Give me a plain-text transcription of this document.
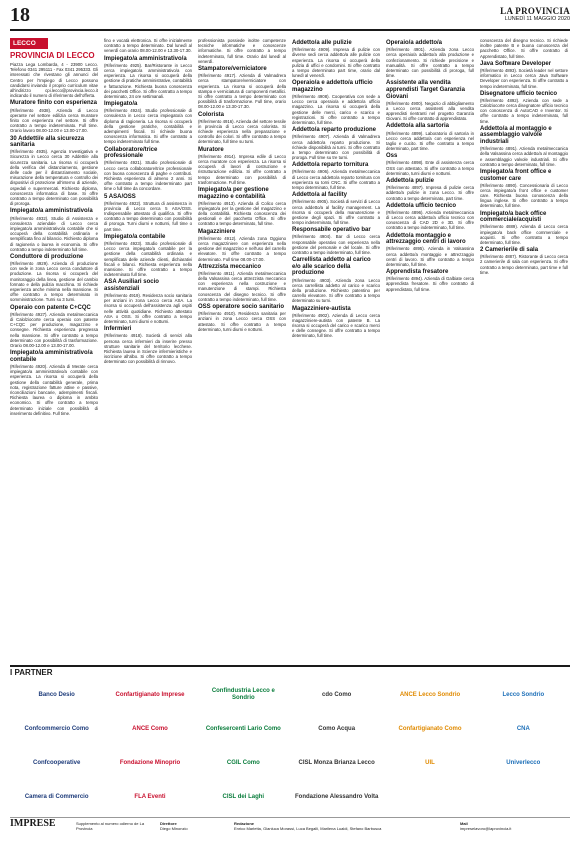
18	LA PROVINCIA
LUNEDÌ 11 MAGGIO 2020
LECCO
PROVINCIA DI LECCO

Piazza Lega Lombarda, 4 - 23900 Lecco. Telefono 0341 295111 - Fax 0341 295333. Gli interessati che rivestano gli annunci del Centro per l'Impiego di Lecco possono candidarsi inviando il proprio curriculum vitae all'indirizzo cpi.lecco@provincia.lecco.it indicando il numero di riferimento dell'offerta.

Muratore finito con esperienza

(Riferimento 4938). Azienda di Lecco operante nel settore edilizia cerca muratore finito con esperienza nel settore. Si offre contratto a tempo indeterminato. Full time. Orario lavoro 08.00-12.00 e 13.00-17.00.

30 Addetti/e alla sicurezza sanitaria

(Riferimento 4935). Agenzia Investigativa e Sicurezza in Lecco cerca 30 Addetti/e alla sicurezza sanitaria. La risorsa si occuperà della verifica del distanziamento, gestione delle code per il distanziamento sociale, misurazione della temperatura e controllo dei dispositivi di protezione all'interno di aziende, ospedali e supermercati. Richiesto diploma, conoscenza informatica di base. Si offre contratto a tempo determinato con possibilità di proroga.

Impiegato/a amministrativo/a

(Riferimento 4932). Studio di Assistenza e consulenza aziendale di Lecco cerca impiegato/a amministrativo/a contabile che si occuperà della contabilità ordinaria e semplificata fino al bilancio. Richiesto diploma di ragioneria o laurea in economia. Si offre contratto a tempo indeterminato full time.

Conduttore di produzione

(Riferimento 4929). Azienda di produzione con sede in zona Lecco cerca conduttore di produzione. La risorsa si occuperà del monitoraggio della linea, gestione del cambio formato e della pulizia macchina. Si richiede esperienza anche minima nella mansione. Si offre contratto a tempo determinato in somministrazione. Turni su 3 turni.

Operaio con patente C+CQC

(Riferimento 4927). Azienda metalmeccanica di Calolziocorte cerca operaio con patente C+CQC per produzione, magazzino e consegne. Richiesta esperienza pregressa nella mansione. Si offre contratto a tempo determinato con possibilità di trasformazione. Orario 08.00-12.00 e 13.00-17.00.

Impiegato/a amministrativo/a contabile

(Riferimento 4920). Azienda di Merate cerca impiegato/a amministrativo/a contabile con esperienza. La risorsa si occuperà della gestione della contabilità generale, prima nota, registrazione fatture attive e passive, riconciliazioni bancarie, adempimenti fiscali. Richiesta laurea o diploma in ambito economico. Si offre contratto a tempo determinato iniziale con possibilità di inserimento definitivo. Full time.

fino e vocatà elettronica. Si offre inizialmente contratto a tempo determinato. Dal lunedì al venerdì con orario 08.00-12.00 e 13.30-17.30.

Impiegato/a amministrativo/a

(Riferimento 4925). Bar/Ristorante in Lecco cerca impiegato/a amministrativo/a con esperienza. La risorsa si occuperà della gestione di pratiche amministrative, contabilità e fatturazione. Richiesta buona conoscenza dei pacchetti Office. Si offre contratto a tempo determinato, 24 ore settimanali.

Impiegato/a

(Riferimento 4924). Studio professionale di consulenza in Lecco cerca impiegato/a con diploma di ragioneria. La risorsa si occuperà della gestione pratiche, contabilità e adempimenti fiscali. Si richiede buona conoscenza informatica. Si offre contratto a tempo indeterminato full time.

Collaboratore/trice professionale

(Riferimento 4921). Studio professionale di Lecco cerca collaboratore/trice professionale con buona conoscenza di paghe e contributi. Richiesta esperienza di almeno 2 anni. Si offre contratto a tempo indeterminato part time o full time da concordare.

5 ASA/OSS

(Riferimento 4922). Struttura di assistenza in provincia di Lecco cerca 5 ASA/OSS. Indispensabile attestato di qualifica. Si offre contratto a tempo determinato con possibilità di proroga. Turni diurni e notturni, full time o part time.

Impiegato/a contabile

(Riferimento 4923). Studio professionale di Lecco cerca impiegato/a contabile per la gestione della contabilità ordinaria e semplificata delle aziende clienti, dichiarativi fiscali e bilanci. Richiesta esperienza nella mansione. Si offre contratto a tempo indeterminato full time.

ASA Ausiliari socio assistenziali

(Riferimento 4919). Residenza socio sanitaria per anziani in zona Lecco cerca ASA. La risorsa si occuperà dell'assistenza agli ospiti nelle attività quotidiane. Richiesto attestato ASA o OSS. Si offre contratto a tempo determinato, turni diurni e notturni.

Infermieri

(Riferimento 4918). Società di servizi alla persona cerca infermieri da inserire presso strutture sanitarie del territorio lecchese. Richiesta laurea in Scienze infermieristiche e iscrizione all'albo. Si offre contratto a tempo determinato con possibilità di rinnovo.

professionista possiede inoltre competenze tecniche informatiche e conoscenze informatiche. Si offre contratto a tempo indeterminato, full time. Orario dal lunedì al venerdì.

Stampatore/verniciatore

(Riferimento 4917). Azienda di Valmadrera cerca stampatore/verniciatore con esperienza. La risorsa si occuperà della stampa e verniciatura di componenti metallici. Si offre contratto a tempo determinato con possibilità di trasformazione. Full time, orario 08.00-12.00 e 13.30-17.30.

Colorista

(Riferimento 4916). Azienda del settore tessile in provincia di Lecco cerca colorista. Si richiede esperienza nella preparazione e controllo dei colori. Si offre contratto a tempo determinato, full time su turni.

Muratore

(Riferimento 4914). Impresa edile di Lecco cerca muratore con esperienza. La risorsa si occuperà di lavori di costruzione e ristrutturazione edilizia. Si offre contratto a tempo determinato con possibilità di trasformazione. Full time.

Impiegato/a per gestione magazzino e contabilità

(Riferimento 4913). Azienda di Colico cerca impiegato/a per la gestione del magazzino e della contabilità. Richiesta conoscenza dei gestionali e del pacchetto Office. Si offre contratto a tempo determinato, full time.

Magazziniere

(Riferimento 4912). Azienda zona Oggiono cerca magazziniere con esperienza nella gestione del magazzino e nell'uso del carrello elevatore. Si offre contratto a tempo determinato. Full time 08.00-17.00.

Attrezzista meccanico

(Riferimento 4911). Azienda metalmeccanica della Valsassina cerca attrezzista meccanico con esperienza nella costruzione e manutenzione di stampi. Richiesta conoscenza del disegno tecnico. Si offre contratto a tempo indeterminato, full time.

OSS operatore socio sanitario

(Riferimento 4910). Residenza sanitaria per anziani in zona Lecco cerca OSS con attestato. Si offre contratto a tempo determinato, turni diurni e notturni.

Addetto/a alle pulizie

(Riferimento 4909). Impresa di pulizie con diverse sedi cerca addetto/a alle pulizie con esperienza. La risorsa si occuperà della pulizia di uffici e condomini. Si offre contratto a tempo determinato part time, orario dal lunedì al venerdì.

Operaio/a e addetto/a ufficio magazzino

(Riferimento 4908). Cooperativa con sede a Lecco cerca operaio/a e addetto/a ufficio magazzino. La risorsa si occuperà della gestione delle merci, carico e scarico e registrazioni. Si offre contratto a tempo determinato, full time.

Addetto/a reparto produzione

(Riferimento 4907). Azienda di Valmadrera cerca addetto/a reparto produzione. Si richiede disponibilità ai turni. Si offre contratto a tempo determinato con possibilità di proroga. Full time su tre turni.

Addetto/a reparto tornitura

(Riferimento 4906). Azienda metalmeccanica di Lecco cerca addetto/a reparto tornitura con esperienza su torni CNC. Si offre contratto a tempo determinato, full time.

Addetto/a al facility

(Riferimento 4905). Società di servizi di Lecco cerca addetto/a al facility management. La risorsa si occuperà della manutenzione e gestione degli spazi. Si offre contratto a tempo indeterminato, full time.

Responsabile operativo bar

(Riferimento 4904). Bar di Lecco cerca responsabile operativo con esperienza nella gestione del personale e del locale. Si offre contratto a tempo indeterminato, full time.

Carrellista addetto al carico e/o alle scarico della produzione

(Riferimento 4903). Azienda zona Lecco cerca carrellista addetto al carico e scarico della produzione. Richiesto patentino per carrello elevatore. Si offre contratto a tempo determinato su turni.

Magazziniere-autista

(Riferimento 4902). Azienda di Lecco cerca magazziniere-autista con patente B. La risorsa si occuperà del carico e scarico merci e delle consegne. Si offre contratto a tempo determinato, full time.

Operaio/a addetto/a

(Riferimento 4901). Azienda zona Lecco cerca operaio/a addetto/a alla produzione e confezionamento. Si richiede precisione e manualità. Si offre contratto a tempo determinato con possibilità di proroga, full time.

Assistente alla vendita apprendisti Target Garanzia Giovani

(Riferimento 4900). Negozio di abbigliamento a Lecco cerca assistenti alla vendita apprendisti rientranti nel progetto Garanzia Giovani. Si offre contratto di apprendistato.

Addetto/a alla sartoria

(Riferimento 4899). Laboratorio di sartoria in Lecco cerca addetto/a con esperienza nel taglio e cucito. Si offre contratto a tempo determinato, part time.

Oss

(Riferimento 4898). Ente di assistenza cerca OSS con attestato. Si offre contratto a tempo determinato, turni diurni e notturni.

Addetto/a pulizie

(Riferimento 4897). Impresa di pulizie cerca addetto/a pulizie in zona Lecco. Si offre contratto a tempo determinato, part time.

Addetto/a ufficio tecnico

(Riferimento 4896). Azienda metalmeccanica di Lecco cerca addetto/a ufficio tecnico con conoscenza di CAD 2D e 3D. Si offre contratto a tempo indeterminato, full time.

Addetto/a montaggio e attrezzaggio centri di lavoro

(Riferimento 4895). Azienda in Valsassina cerca addetto/a montaggio e attrezzaggio centri di lavoro. Si offre contratto a tempo determinato, full time.

Apprendista fresatore

(Riferimento 4894). Azienda di Galbiate cerca apprendista fresatore. Si offre contratto di apprendistato, full time.

conoscenza del disegno tecnico. Si richiede inoltre patente B e buona conoscenza del pacchetto Office. Si offre contratto di Apprendistato, full time.

Java Software Developer

(Riferimento 4893). Società leader nel settore informatico in Lecco cerca Java Software Developer con esperienza. Si offre contratto a tempo indeterminato, full time.

Disegnatore ufficio tecnico

(Riferimento 4892). Azienda con sede a Calolziocorte cerca disegnatore ufficio tecnico con conoscenza di AutoCAD e Inventor. Si offre contratto a tempo indeterminato, full time.

Addetto/a al montaggio e assemblaggio valvole industriali

(Riferimento 4891). Azienda metalmeccanica della Valsassina cerca addetto/a al montaggio e assemblaggio valvole industriali. Si offre contratto a tempo determinato, full time.

Impiegato/a front office e customer care

(Riferimento 4890). Concessionaria di Lecco cerca impiegato/a front office e customer care. Richiesta buona conoscenza della lingua inglese. Si offre contratto a tempo determinato, full time.

Impiegato/a back office commerciale/acquisti

(Riferimento 4889). Azienda di Lecco cerca impiegato/a back office commerciale e acquisti. Si offre contratto a tempo determinato, full time.

2 Camerieri/e di sala

(Riferimento 4887). Ristorante di Lecco cerca 2 camerieri/e di sala con esperienza. Si offre contratto a tempo determinato, part time e full time.

I PARTNER
Banco Desio	Confartigianato Imprese
Confindustria Lecco e Sondrio
cdo Como	ANCE Lecco Sondrio	Lecco Sondrio
Confcommercio Como	ANCE Como	Confesercenti Lario Como	Como Acqua	Confartigianato Como	CNA
Confcooperative	Fondazione Minoprio	CGIL Como	CISL Monza Brianza Lecco	UIL	Univerlecco
Camera di Commercio	FLA Eventi	CISL dei Laghi	Fondazione Alessandro Volta
IMPRESE	Supplemento al numero odierno de La Provincia
Direttore
Diego Minonzio
Redazione
Enrico Marletta, Gianluca Morassi, Luca Begalli, Marilena Lualdi, Stefano Barbusca
Mail
impreselavoro@laprovincia.it
